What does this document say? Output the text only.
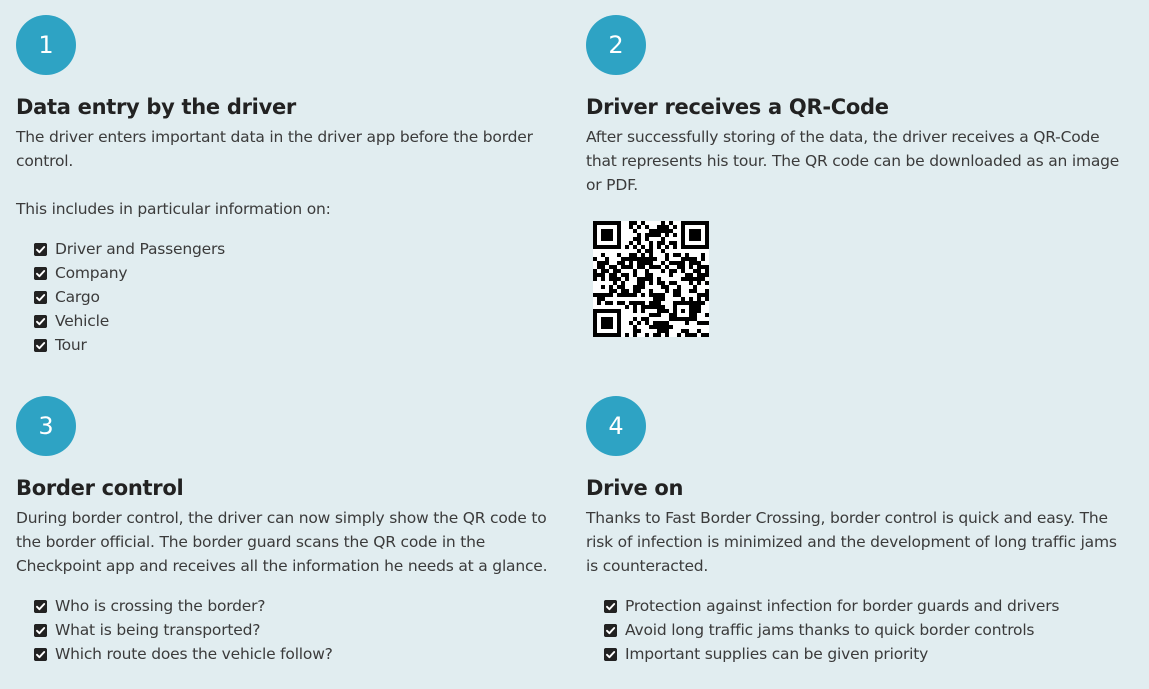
1
Data entry by the driver

The driver enters important data in the driver app before the border control.

This includes in particular information on:

Driver and Passengers
Company
Cargo
Vehicle
Tour
2
Driver receives a QR-Code

After successfully storing of the data, the driver receives a QR-Code that represents his tour. The QR code can be downloaded as an image or PDF.

3
Border control

During border control, the driver can now simply show the QR code to the border official. The border guard scans the QR code in the Checkpoint app and receives all the information he needs at a glance.

Who is crossing the border?
What is being transported?
Which route does the vehicle follow?
4
Drive on

Thanks to Fast Border Crossing, border control is quick and easy. The risk of infection is minimized and the development of long traffic jams is counteracted.

Protection against infection for border guards and drivers
Avoid long traffic jams thanks to quick border controls
Important supplies can be given priority
